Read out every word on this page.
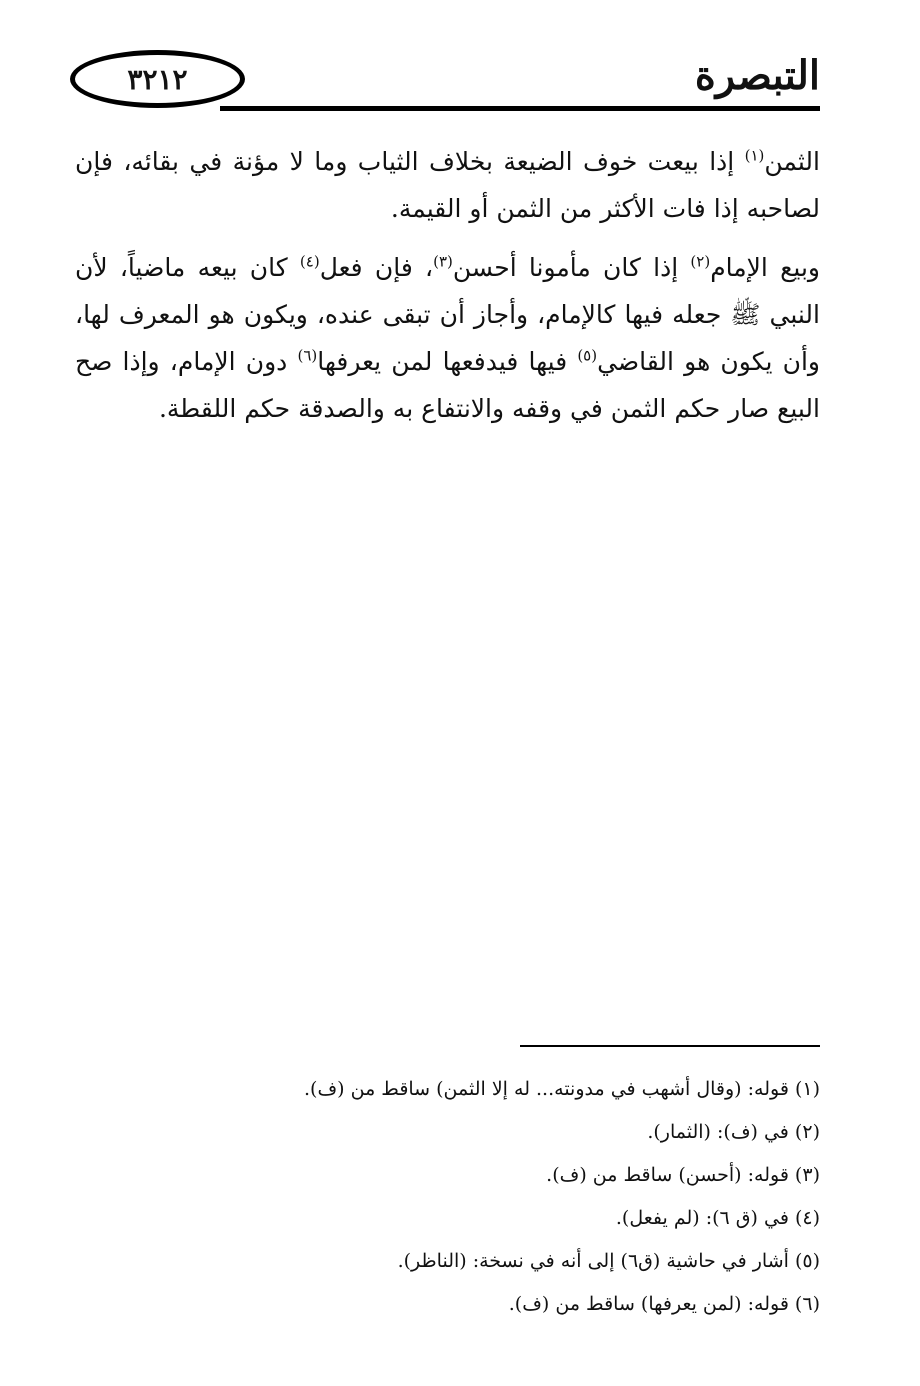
٣٢١٢	التبصرة

الثمن$^{(١)}$ إذا بيعت خوف الضيعة بخلاف الثياب وما لا مؤنة في بقائه، فإن لصاحبه إذا فات الأكثر من الثمن أو القيمة.

وبيع الإمام$^{(٢)}$ إذا كان مأمونا أحسن$^{(٣)}$، فإن فعل$^{(٤)}$ كان بيعه ماضياً، لأن النبي ﷺ جعله فيها كالإمام، وأجاز أن تبقى عنده، ويكون هو المعرف لها، وأن يكون هو القاضي$^{(٥)}$ فيها فيدفعها لمن يعرفها$^{(٦)}$ دون الإمام، وإذا صح البيع صار حكم الثمن في وقفه والانتفاع به والصدقة حكم اللقطة.

(١) قوله: (وقال أشهب في مدونته... له إلا الثمن) ساقط من (ف).

(٢) في (ف): (الثمار).

(٣) قوله: (أحسن) ساقط من (ف).

(٤) في (ق ٦): (لم يفعل).

(٥) أشار في حاشية (ق٦) إلى أنه في نسخة: (الناظر).

(٦) قوله: (لمن يعرفها) ساقط من (ف).
